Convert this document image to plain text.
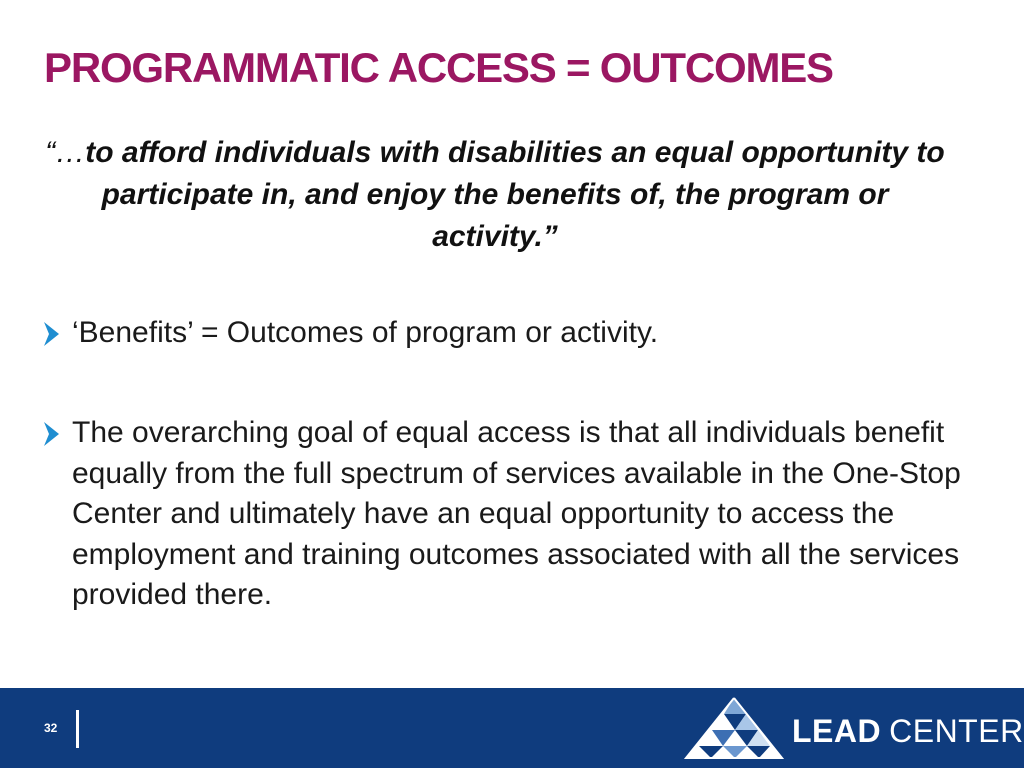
PROGRAMMATIC ACCESS = OUTCOMES
“…to afford individuals with disabilities an equal opportunity to participate in, and enjoy the benefits of, the program or activity.”
‘Benefits’ = Outcomes of program or activity.
The overarching goal of equal access is that all individuals benefit equally from the full spectrum of services available in the One-Stop Center and ultimately have an equal opportunity to access the employment and training outcomes associated with all the services provided there.
32	LEAD CENTER
